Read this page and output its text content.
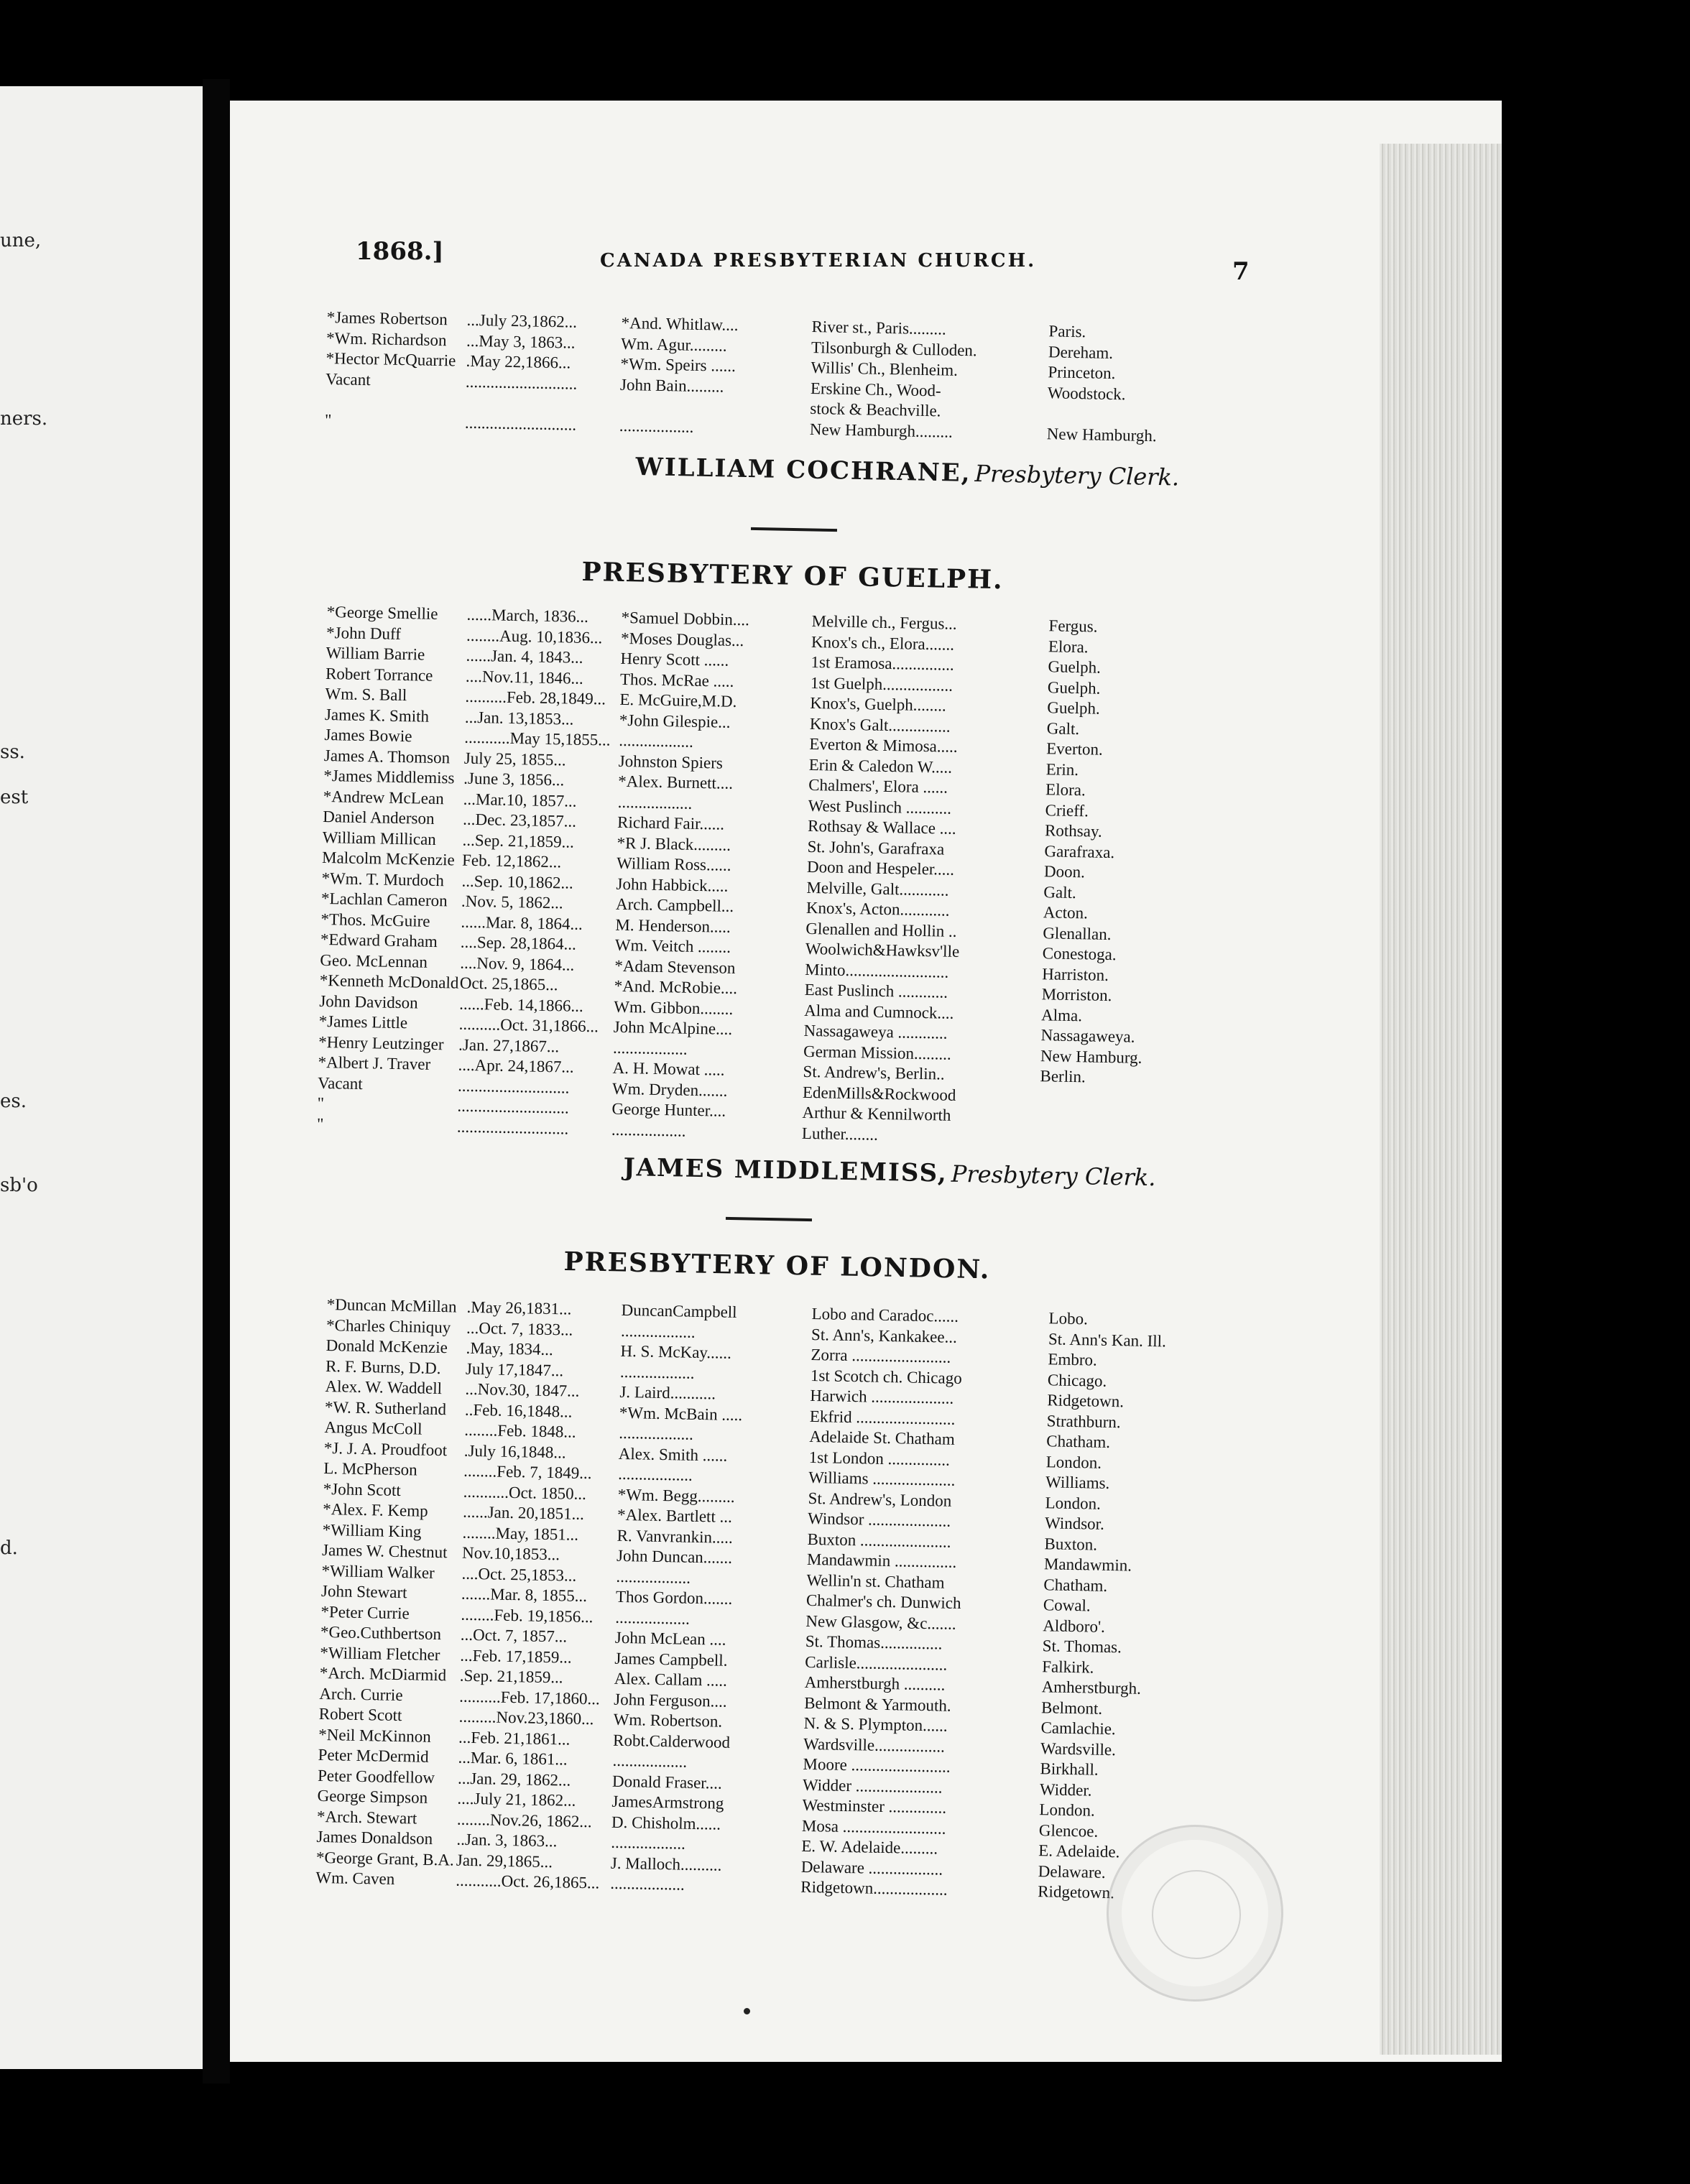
une,
ners.
ss.
est
es.
sb'o
d.
1868.]	CANADA PRESBYTERIAN CHURCH.	7
*James Robertson	...July 23,1862...	*And. Whitlaw....	River st., Paris.........	Paris.
*Wm. Richardson	...May 3, 1863...	Wm. Agur.........	Tilsonburgh & Culloden.	Dereham.
*Hector McQuarrie .May 22,1866...	*Wm. Speirs ......	Willis' Ch., Blenheim.	Princeton.
Vacant	...........................	John Bain.........	Erskine Ch., Wood-	Woodstock.
stock & Beachville.
"	...........................	..................	New Hamburgh.........	New Hamburgh.
WILLIAM COCHRANE, Presbytery Clerk.
PRESBYTERY OF GUELPH.
*George Smellie	......March, 1836...	*Samuel Dobbin....	Melville ch., Fergus...	Fergus.
*John Duff	........Aug. 10,1836...	*Moses Douglas...	Knox's ch., Elora.......	Elora.
William Barrie	......Jan. 4, 1843...	Henry Scott ......	1st Eramosa...............	Guelph.
Robert Torrance	....Nov.11, 1846...	Thos. McRae .....	1st Guelph.................	Guelph.
Wm. S. Ball	..........Feb. 28,1849... E. McGuire,M.D.	Knox's, Guelph........	Guelph.
James K. Smith	...Jan. 13,1853...	*John Gilespie...	Knox's Galt...............	Galt.
James Bowie	...........May 15,1855... ..................	Everton & Mimosa.....	Everton.
James A. Thomson July 25, 1855...	Johnston Spiers	Erin & Caledon W.....	Erin.
*James Middlemiss .June 3, 1856...	*Alex. Burnett....	Chalmers', Elora ......	Elora.
*Andrew McLean	...Mar.10, 1857...	..................	West Puslinch ...........	Crieff.
Daniel Anderson	...Dec. 23,1857...	Richard Fair......	Rothsay & Wallace ....	Rothsay.
William Millican	...Sep. 21,1859...	*R J. Black.........	St. John's, Garafraxa	Garafraxa.
Malcolm McKenzie Feb. 12,1862...	William Ross......	Doon and Hespeler.....	Doon.
*Wm. T. Murdoch	...Sep. 10,1862...	John Habbick.....	Melville, Galt............	Galt.
*Lachlan Cameron .Nov. 5, 1862...	Arch. Campbell...	Knox's, Acton............	Acton.
*Thos. McGuire	......Mar. 8, 1864...	M. Henderson.....	Glenallen and Hollin ..	Glenallan.
*Edward Graham	....Sep. 28,1864...	Wm. Veitch ........	Woolwich&Hawksv'lle	Conestoga.
Geo. McLennan	....Nov. 9, 1864...	*Adam Stevenson	Minto.........................	Harriston.
*Kenneth McDonald Oct. 25,1865...	*And. McRobie....	East Puslinch ............	Morriston.
John Davidson	......Feb. 14,1866...	Wm. Gibbon........	Alma and Cumnock....	Alma.
*James Little	..........Oct. 31,1866... John McAlpine....	Nassagaweya ............	Nassagaweya.
*Henry Leutzinger .Jan. 27,1867...	..................	German Mission.........	New Hamburg.
*Albert J. Traver	....Apr. 24,1867...	A. H. Mowat .....	St. Andrew's, Berlin..	Berlin.
Vacant	...........................	Wm. Dryden.......	EdenMills&Rockwood
"	...........................	George Hunter....	Arthur & Kennilworth
"	...........................	..................	Luther........
JAMES MIDDLEMISS, Presbytery Clerk.
PRESBYTERY OF LONDON.
*Duncan McMillan .May 26,1831...	DuncanCampbell	Lobo and Caradoc......	Lobo.
*Charles Chiniquy ...Oct. 7, 1833...	..................	St. Ann's, Kankakee...	St. Ann's Kan. Ill.
Donald McKenzie	.May, 1834...	H. S. McKay......	Zorra ........................	Embro.
R. F. Burns, D.D.	July 17,1847...	..................	1st Scotch ch. Chicago	Chicago.
Alex. W. Waddell	...Nov.30, 1847...	J. Laird...........	Harwich ....................	Ridgetown.
*W. R. Sutherland	..Feb. 16,1848...	*Wm. McBain .....	Ekfrid ........................	Strathburn.
Angus McColl	........Feb. 1848...	..................	Adelaide St. Chatham	Chatham.
*J. J. A. Proudfoot	.July 16,1848...	Alex. Smith ......	1st London ...............	London.
L. McPherson	........Feb. 7, 1849...	..................	Williams ....................	Williams.
*John Scott	...........Oct. 1850...	*Wm. Begg.........	St. Andrew's, London	London.
*Alex. F. Kemp	......Jan. 20,1851...	*Alex. Bartlett ...	Windsor ....................	Windsor.
*William King	........May, 1851...	R. Vanvrankin.....	Buxton ......................	Buxton.
James W. Chestnut Nov.10,1853...	John Duncan.......	Mandawmin ...............	Mandawmin.
*William Walker	....Oct. 25,1853...	..................	Wellin'n st. Chatham	Chatham.
John Stewart	.......Mar. 8, 1855...	Thos Gordon.......	Chalmer's ch. Dunwich	Cowal.
*Peter Currie	........Feb. 19,1856...	..................	New Glasgow, &c.......	Aldboro'.
*Geo.Cuthbertson	...Oct. 7, 1857...	John McLean ....	St. Thomas...............	St. Thomas.
*William Fletcher	...Feb. 17,1859...	James Campbell.	Carlisle......................	Falkirk.
*Arch. McDiarmid .Sep. 21,1859...	Alex. Callam .....	Amherstburgh ..........	Amherstburgh.
Arch. Currie	..........Feb. 17,1860... John Ferguson....	Belmont & Yarmouth.	Belmont.
Robert Scott	.........Nov.23,1860...	Wm. Robertson.	N. & S. Plympton......	Camlachie.
*Neil McKinnon	...Feb. 21,1861...	Robt.Calderwood	Wardsville.................	Wardsville.
Peter McDermid	...Mar. 6, 1861...	..................	Moore ........................	Birkhall.
Peter Goodfellow	...Jan. 29, 1862...	Donald Fraser....	Widder .....................	Widder.
George Simpson	....July 21, 1862...	JamesArmstrong	Westminster ..............	London.
*Arch. Stewart	........Nov.26, 1862...	D. Chisholm......	Mosa .........................	Glencoe.
James Donaldson	..Jan. 3, 1863...	..................	E. W. Adelaide.........	E. Adelaide.
*George Grant, B.A. Jan. 29,1865...	J. Malloch..........	Delaware ..................	Delaware.
Wm. Caven	...........Oct. 26,1865... ..................	Ridgetown..................	Ridgetown.
